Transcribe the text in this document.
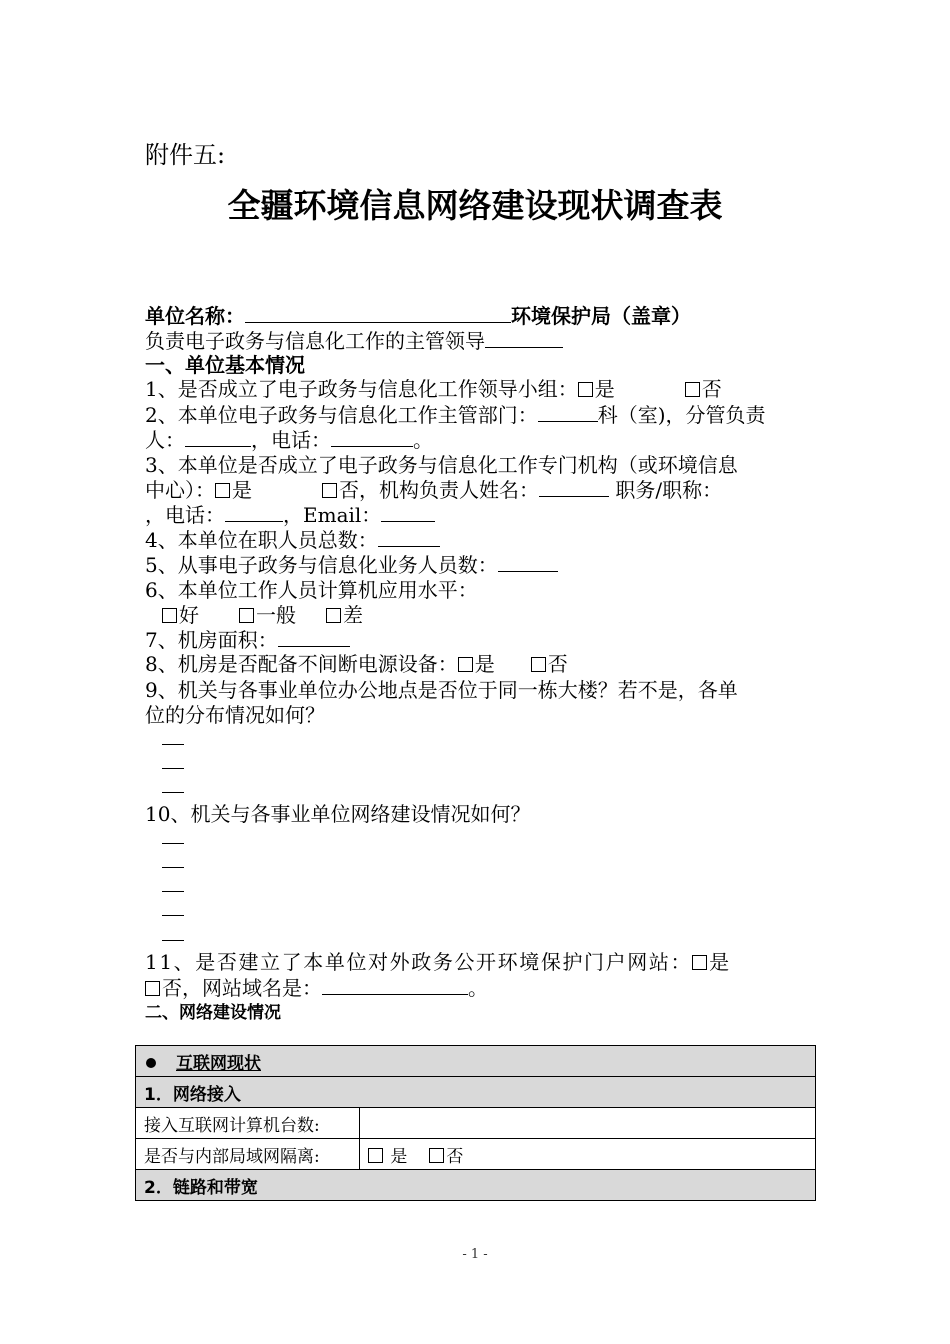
附件五:
全疆环境信息网络建设现状调查表
单位名称：	环境保护局（盖章）
负责电子政务与信息化工作的主管领导
一、单位基本情况
1、是否成立了电子政务与信息化工作领导小组： 是	否
2、本单位电子政务与信息化工作主管部门：	科（室)，分管负责
人：	，电话：	。
3、本单位是否成立了电子政务与信息化工作专门机构（或环境信息
中心）： 是	否，机构负责人姓名：	职务/职称：
，电话：	，Email：
4、本单位在职人员总数：
5、从事电子政务与信息化业务人员数：
6、本单位工作人员计算机应用水平：
好	一般 差
7、机房面积：
8、机房是否配备不间断电源设备： 是	否
9、机关与各事业单位办公地点是否位于同一栋大楼？若不是，各单
位的分布情况如何？
10、机关与各事业单位网络建设情况如何？
11、是否建立了本单位对外政务公开环境保护门户网站： 是
否，网站域名是：	。
二、网络建设情况
互联网现状	
1．网络接入	
接入互联网计算机台数:	
是否与内部局域网隔离:	是 否
2．链路和带宽	
- 1 -
